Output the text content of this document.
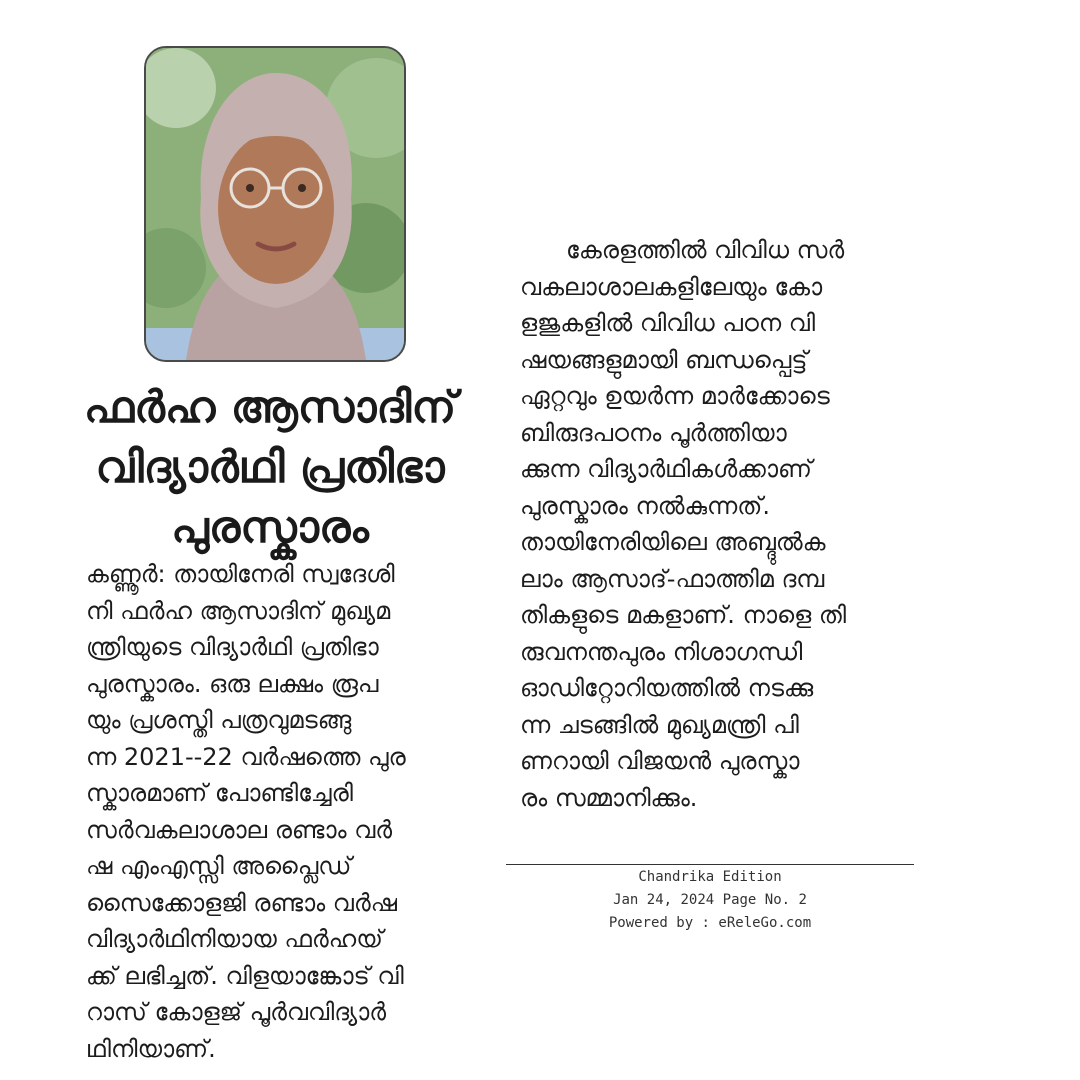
ഫർഹ ആസാദിന്
വിദ്യാർഥി പ്രതിഭാ
പുരസ്കാരം
കണ്ണൂർ: തായിനേരി സ്വദേശി
നി ഫർഹ ആസാദിന് മുഖ്യമ
ന്ത്രിയുടെ വിദ്യാർഥി പ്രതിഭാ
പുരസ്കാരം. ഒരു ലക്ഷം രൂപ
യും പ്രശസ്തി പത്രവുമടങ്ങു
ന്ന 2021--22 വർഷത്തെ പുര
സ്കാരമാണ് പോണ്ടിച്ചേരി
സർവകലാശാല രണ്ടാം വർ
ഷ എംഎസ്സി അപ്ലൈഡ്
സൈക്കോളജി രണ്ടാം വർഷ
വിദ്യാർഥിനിയായ ഫർഹയ്
ക്ക് ലഭിച്ചത്. വിളയാങ്കോട് വി
റാസ് കോളജ് പൂർവവിദ്യാർ
ഥിനിയാണ്.
കേരളത്തിൽ വിവിധ സർ
വകലാശാലകളിലേയും കോ
ളജുകളിൽ വിവിധ പഠന വി
ഷയങ്ങളുമായി ബന്ധപ്പെട്ട്
ഏറ്റവും ഉയർന്ന മാർക്കോടെ
ബിരുദപഠനം പൂർത്തിയാ
ക്കുന്ന വിദ്യാർഥികൾക്കാണ്
പുരസ്കാരം നൽകുന്നത്.
തായിനേരിയിലെ അബ്ദുൽക
ലാം ആസാദ്-ഫാത്തിമ ദമ്പ
തികളുടെ മകളാണ്. നാളെ തി
രുവനന്തപുരം നിശാഗന്ധി
ഓഡിറ്റോറിയത്തിൽ നടക്കു
ന്ന ചടങ്ങിൽ മുഖ്യമന്ത്രി പി
ണറായി വിജയൻ പുരസ്കാ
രം സമ്മാനിക്കും.
Chandrika Edition
Jan 24, 2024 Page No. 2
Powered by : eReleGo.com
